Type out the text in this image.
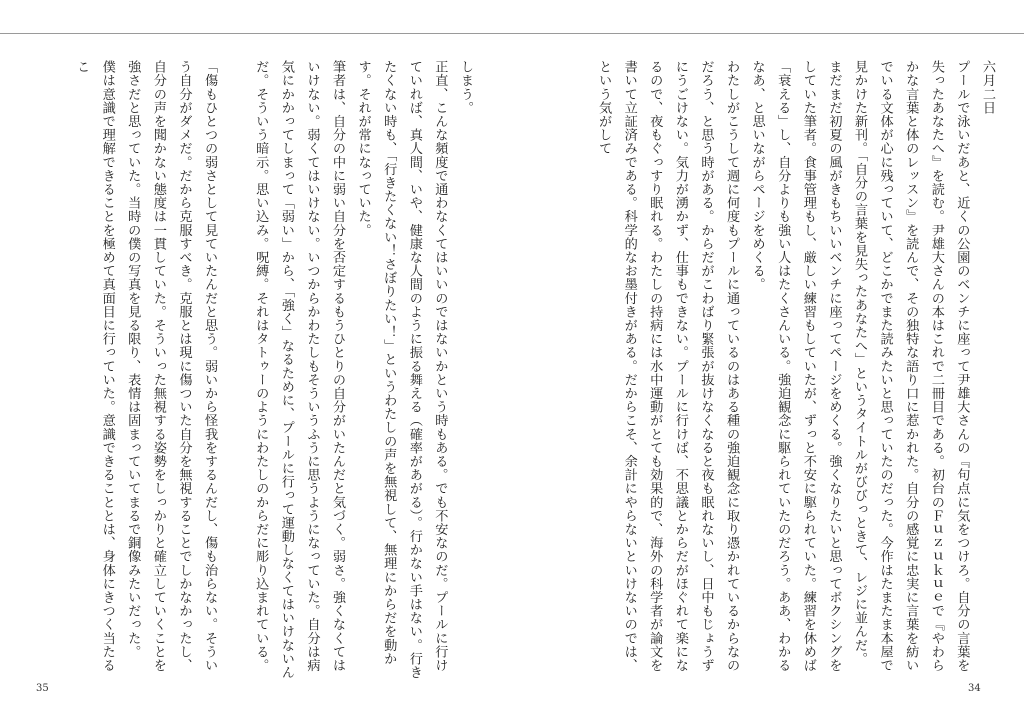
六月二日

プールで泳いだあと、近くの公園のベンチに座って尹雄大さんの『句点に気をつけろ。自分の言葉を失ったあなたへ』を読む。尹雄大さんの本はこれで二冊目である。初台のＦｕｚｕｋｕｅで『やわらかな言葉と体のレッスン』を読んで、その独特な語り口に惹かれた。自分の感覚に忠実に言葉を紡いでいる文体が心に残っていて、どこかでまた読みたいと思っていたのだった。今作はたまたま本屋で見かけた新刊。「自分の言葉を見失ったあなたへ」というタイトルがびびっときて、レジに並んだ。

まだまだ初夏の風がきもちいいベンチに座ってページをめくる。強くなりたいと思ってボクシングをしていた筆者。食事管理もし、厳しい練習もしていたが、ずっと不安に駆られていた。練習を休めば「衰える」し、自分よりも強い人はたくさんいる。強迫観念に駆られていたのだろう。ああ、わかるなあ、と思いながらページをめくる。

わたしがこうして週に何度もプールに通っているのはある種の強迫観念に取り憑かれているからなのだろう、と思う時がある。からだがこわばり緊張が抜けなくなると夜も眠れないし、日中もじょうずにうごけない。気力が湧かず、仕事もできない。プールに行けば、不思議とからだがほぐれて楽になるので、夜もぐっすり眠れる。わたしの持病には水中運動がとても効果的で、海外の科学者が論文を書いて立証済みである。科学的なお墨付きがある。だからこそ、余計にやらないといけないのでは、という気がして

しまう。

正直、こんな頻度で通わなくてはいいのではないかという時もある。でも不安なのだ。プールに行けていれば、真人間、いや、健康な人間のように振る舞える（確率があがる）。行かない手はない。行きたくない時も、「行きたくない！さぼりたい！」というわたしの声を無視して、無理にからだを動かす。それが常になっていた。

筆者は、自分の中に弱い自分を否定するもうひとりの自分がいたんだと気づく。弱さ。強くなくてはいけない。弱くてはいけない。いつからかわたしもそういうふうに思うようになっていた。自分は病気にかかってしまって「弱い」から、「強く」なるために、プールに行って運動しなくてはいけないんだ。そういう暗示。思い込み。呪縛。それはタトゥーのようにわたしのからだに彫り込まれている。

「傷もひとつの弱さとして見ていたんだと思う。弱いから怪我をするんだし、傷も治らない。そういう自分がダメだ。だから克服すべき。克服とは現に傷ついた自分を無視することでしかなかったし、自分の声を聞かない態度は一貫していた。そういった無視する姿勢をしっかりと確立していくことを強さだと思っていた。当時の僕の写真を見る限り、表情は固まっていてまるで銅像みたいだった。

僕は意識で理解できることを極めて真面目に行っていた。意識できることとは、身体にきつく当たるこ

35	34
